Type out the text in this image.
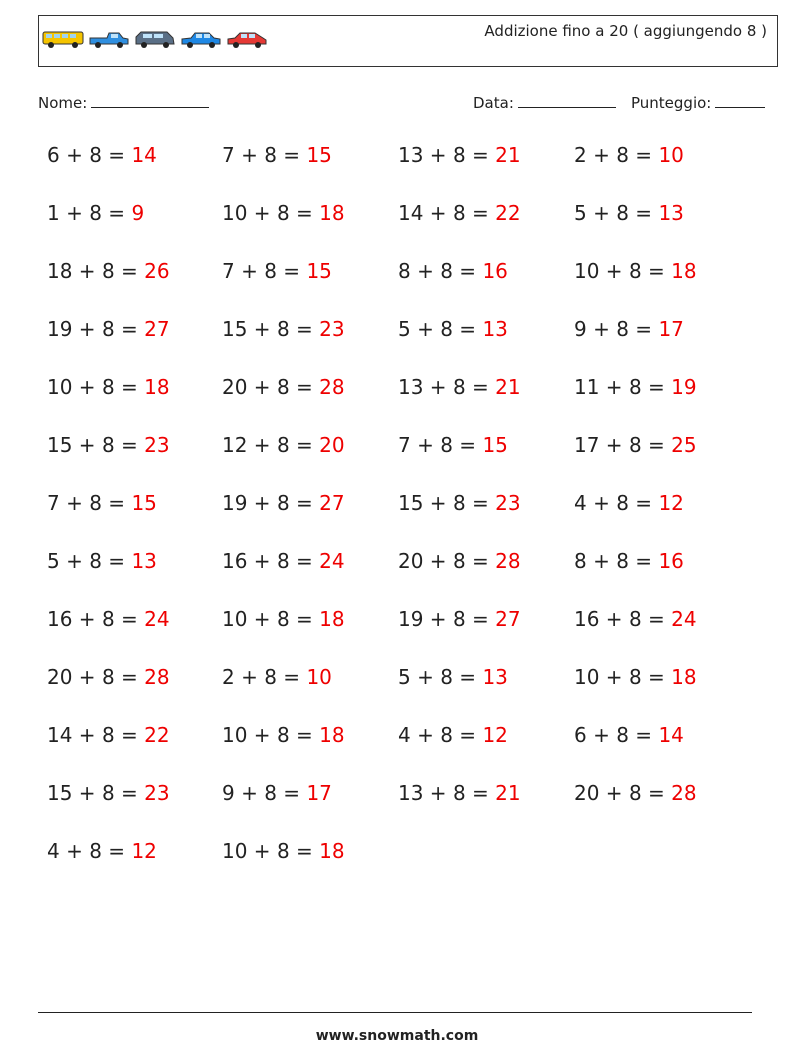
Addizione fino a 20 ( aggiungendo 8 )
Nome:	Data:	Punteggio:
6 + 8 = 14	7 + 8 = 15	13 + 8 = 21	2 + 8 = 10
1 + 8 = 9	10 + 8 = 18	14 + 8 = 22	5 + 8 = 13
18 + 8 = 26	7 + 8 = 15	8 + 8 = 16	10 + 8 = 18
19 + 8 = 27	15 + 8 = 23	5 + 8 = 13	9 + 8 = 17
10 + 8 = 18	20 + 8 = 28	13 + 8 = 21	11 + 8 = 19
15 + 8 = 23	12 + 8 = 20	7 + 8 = 15	17 + 8 = 25
7 + 8 = 15	19 + 8 = 27	15 + 8 = 23	4 + 8 = 12
5 + 8 = 13	16 + 8 = 24	20 + 8 = 28	8 + 8 = 16
16 + 8 = 24	10 + 8 = 18	19 + 8 = 27	16 + 8 = 24
20 + 8 = 28	2 + 8 = 10	5 + 8 = 13	10 + 8 = 18
14 + 8 = 22	10 + 8 = 18	4 + 8 = 12	6 + 8 = 14
15 + 8 = 23	9 + 8 = 17	13 + 8 = 21	20 + 8 = 28
4 + 8 = 12	10 + 8 = 18
www.snowmath.com
